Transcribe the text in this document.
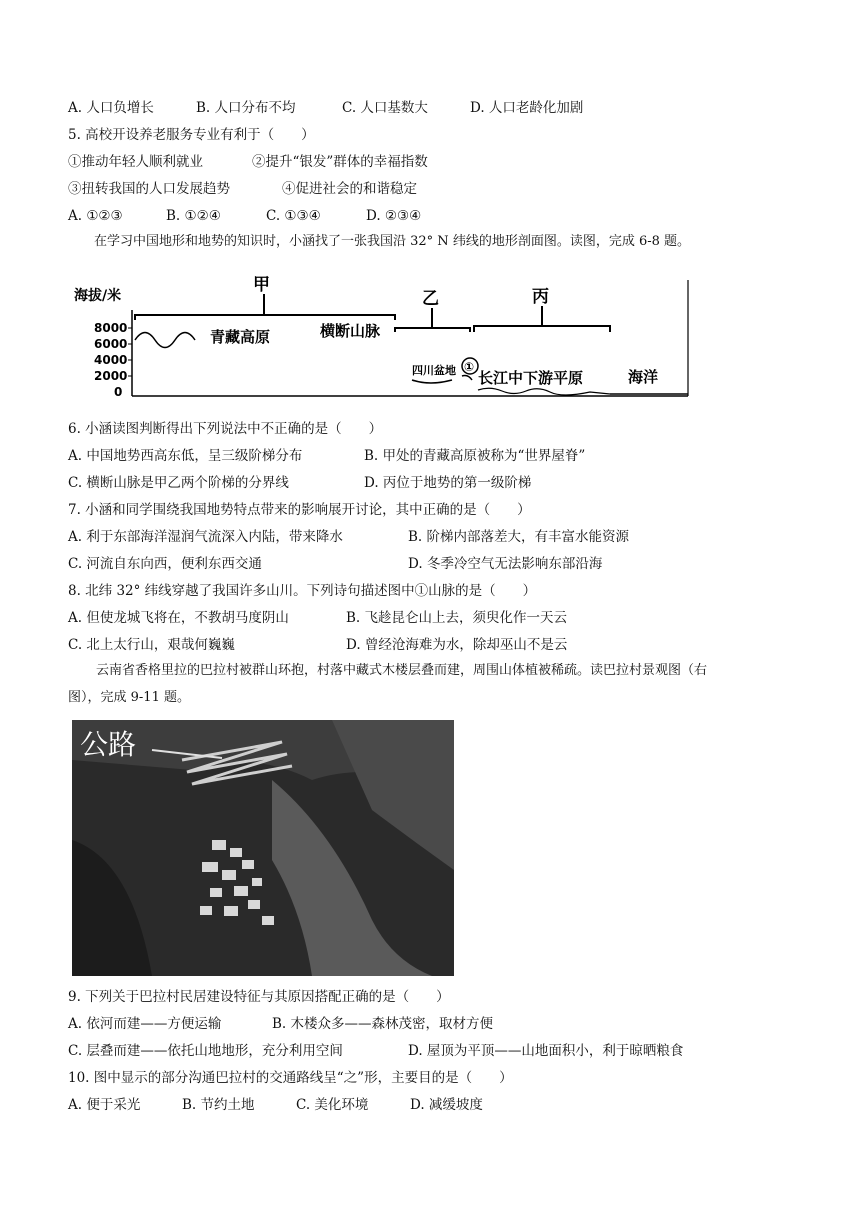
A. 人口负增长	B. 人口分布不均	C. 人口基数大	D. 人口老龄化加剧
5. 高校开设养老服务专业有利于（　　）
①推动年轻人顺利就业	②提升“银发”群体的幸福指数
③扭转我国的人口发展趋势	④促进社会的和谐稳定
A. ①②③	B. ①②④	C. ①③④	D. ②③④
在学习中国地形和地势的知识时，小涵找了一张我国沿 32° N 纬线的地形剖面图。读图，完成 6-8 题。
海拔/米
8000
6000
4000
2000
0
甲
青藏高原	横断山脉
乙
四川盆地
丙
①
长江中下游平原	海洋
6. 小涵读图判断得出下列说法中不正确的是（　　）
A. 中国地势西高东低，呈三级阶梯分布	B. 甲处的青藏高原被称为“世界屋脊”
C. 横断山脉是甲乙两个阶梯的分界线	D. 丙位于地势的第一级阶梯
7. 小涵和同学围绕我国地势特点带来的影响展开讨论，其中正确的是（　　）
A. 利于东部海洋湿润气流深入内陆，带来降水	B. 阶梯内部落差大，有丰富水能资源
C. 河流自东向西，便利东西交通	D. 冬季冷空气无法影响东部沿海
8. 北纬 32° 纬线穿越了我国许多山川。下列诗句描述图中①山脉的是（　　）
A. 但使龙城飞将在，不教胡马度阴山	B. 飞趁昆仑山上去，须臾化作一天云
C. 北上太行山，艰哉何巍巍	D. 曾经沧海难为水，除却巫山不是云
云南省香格里拉的巴拉村被群山环抱，村落中藏式木楼层叠而建，周围山体植被稀疏。读巴拉村景观图（右
图），完成 9-11 题。
公路
9. 下列关于巴拉村民居建设特征与其原因搭配正确的是（　　）
A. 依河而建——方便运输	B. 木楼众多——森林茂密，取材方便
C. 层叠而建——依托山地地形，充分利用空间	D. 屋顶为平顶——山地面积小，利于晾晒粮食
10. 图中显示的部分沟通巴拉村的交通路线呈“之”形，主要目的是（　　）
A. 便于采光	B. 节约土地	C. 美化环境	D. 减缓坡度
